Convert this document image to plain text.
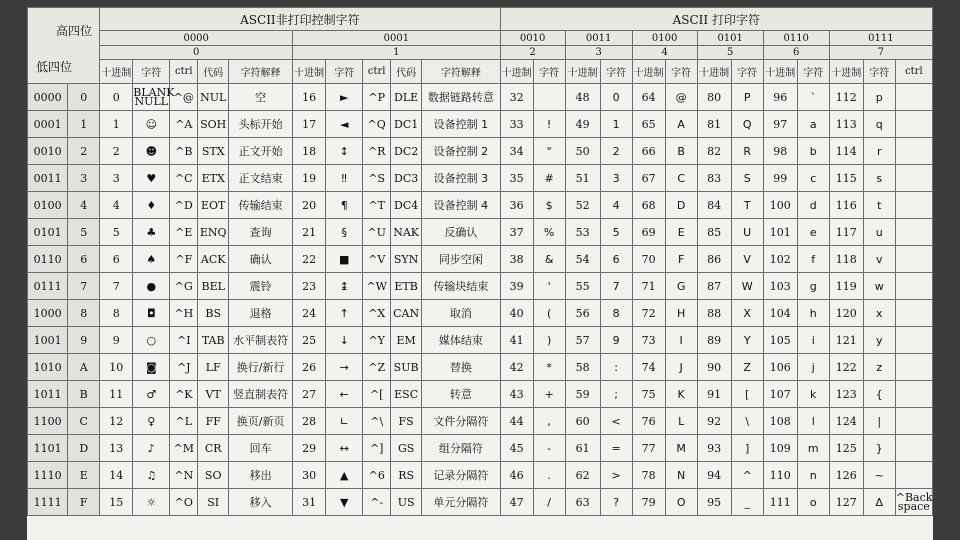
高四位
低四位		ASCII非打印控制字符										ASCII 打印字符												
		0000					0001					0010		0011		0100		0101		0110		0111		
		0					1					2		3		4		5		6		7		
		十进制	字符	ctrl	代码	字符解释	十进制	字符	ctrl	代码	字符解释	十进制	字符	十进制	字符	十进制	字符	十进制	字符	十进制	字符	十进制	字符	ctrl
0000	0	0	BLANK NULL	^@	NUL	空	16	►	^P	DLE	数据链路转意	32		48	0	64	@	80	P	96	`	112	p	
0001	1	1	☺	^A	SOH	头标开始	17	◄	^Q	DC1	设备控制 1	33	!	49	1	65	A	81	Q	97	a	113	q	
0010	2	2	☻	^B	STX	正文开始	18	↕	^R	DC2	设备控制 2	34	"	50	2	66	B	82	R	98	b	114	r	
0011	3	3	♥	^C	ETX	正文结束	19	‼	^S	DC3	设备控制 3	35	#	51	3	67	C	83	S	99	c	115	s	
0100	4	4	♦	^D	EOT	传输结束	20	¶	^T	DC4	设备控制 4	36	$	52	4	68	D	84	T	100	d	116	t	
0101	5	5	♣	^E	ENQ	查询	21	§	^U	NAK	反确认	37	%	53	5	69	E	85	U	101	e	117	u	
0110	6	6	♠	^F	ACK	确认	22	■	^V	SYN	同步空闲	38	&	54	6	70	F	86	V	102	f	118	v	
0111	7	7	●	^G	BEL	震铃	23	↨	^W	ETB	传输块结束	39	'	55	7	71	G	87	W	103	g	119	w	
1000	8	8	◘	^H	BS	退格	24	↑	^X	CAN	取消	40	(	56	8	72	H	88	X	104	h	120	x	
1001	9	9	○	^I	TAB	水平制表符	25	↓	^Y	EM	媒体结束	41	)	57	9	73	I	89	Y	105	i	121	y	
1010	A	10	◙	^J	LF	换行/新行	26	→	^Z	SUB	替换	42	*	58	:	74	J	90	Z	106	j	122	z	
1011	B	11	♂	^K	VT	竖直制表符	27	←	^[	ESC	转意	43	+	59	;	75	K	91	[	107	k	123	{	
1100	C	12	♀	^L	FF	换页/新页	28	∟	^\	FS	文件分隔符	44	,	60	<	76	L	92	\	108	l	124	|	
1101	D	13	♪	^M	CR	回车	29	↔	^]	GS	组分隔符	45	-	61	=	77	M	93	]	109	m	125	}	
1110	E	14	♫	^N	SO	移出	30	▲	^6	RS	记录分隔符	46	.	62	>	78	N	94	^	110	n	126	~	
1111	F	15	☼	^O	SI	移入	31	▼	^-	US	单元分隔符	47	/	63	?	79	O	95	_	111	o	127	Δ	^Back space
